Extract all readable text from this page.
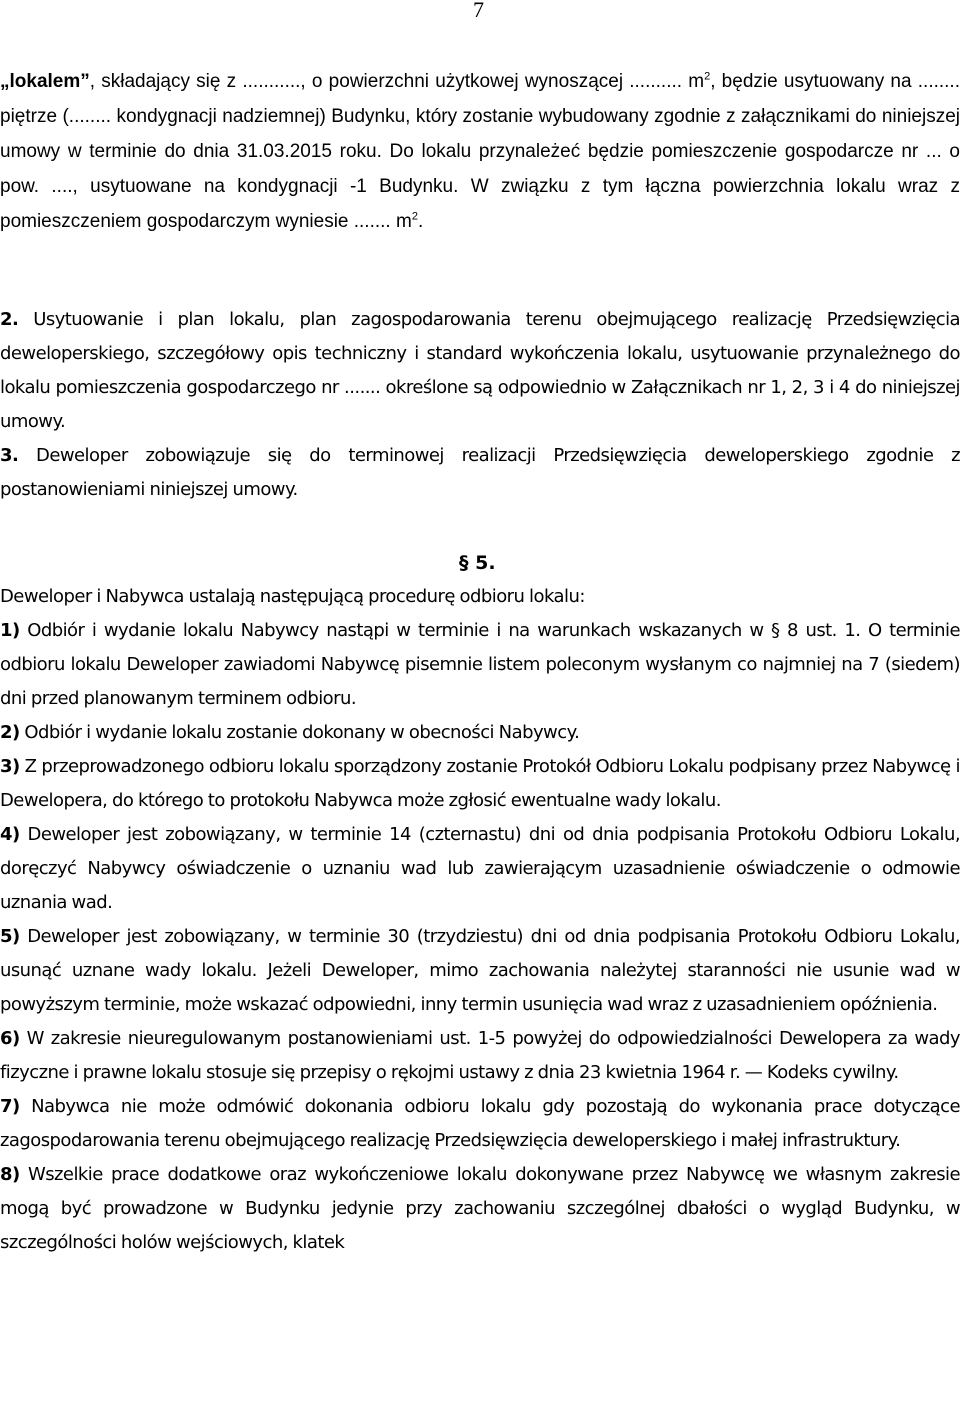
7
„lokalem”, składający się z ..........., o powierzchni użytkowej wynoszącej .......... $m^2$, będzie usytuowany na ........ piętrze (........ kondygnacji nadziemnej) Budynku, który zostanie wybudowany zgodnie z załącznikami do niniejszej umowy w terminie do dnia 31.03.2015 roku. Do lokalu przynależeć będzie pomieszczenie gospodarcze nr ... o pow. ...., usytuowane na kondygnacji -1 Budynku. W związku z tym łączna powierzchnia lokalu wraz z pomieszczeniem gospodarczym wyniesie ....... $m^2$.

2. Usytuowanie i plan lokalu, plan zagospodarowania terenu obejmującego realizację Przedsięwzięcia deweloperskiego, szczegółowy opis techniczny i standard wykończenia lokalu, usytuowanie przynależnego do lokalu pomieszczenia gospodarczego nr ....... określone są odpowiednio w Załącznikach nr 1, 2, 3 i 4 do niniejszej umowy.

3. Deweloper zobowiązuje się do terminowej realizacji Przedsięwzięcia deweloperskiego zgodnie z postanowieniami niniejszej umowy.

§ 5.

Deweloper i Nabywca ustalają następującą procedurę odbioru lokalu:

1) Odbiór i wydanie lokalu Nabywcy nastąpi w terminie i na warunkach wskazanych w § 8 ust. 1. O terminie odbioru lokalu Deweloper zawiadomi Nabywcę pisemnie listem poleconym wysłanym co najmniej na 7 (siedem) dni przed planowanym terminem odbioru.

2) Odbiór i wydanie lokalu zostanie dokonany w obecności Nabywcy.

3) Z przeprowadzonego odbioru lokalu sporządzony zostanie Protokół Odbioru Lokalu podpisany przez Nabywcę i Dewelopera, do którego to protokołu Nabywca może zgłosić ewentualne wady lokalu.

4) Deweloper jest zobowiązany, w terminie 14 (czternastu) dni od dnia podpisania Protokołu Odbioru Lokalu, doręczyć Nabywcy oświadczenie o uznaniu wad lub zawierającym uzasadnienie oświadczenie o odmowie uznania wad.

5) Deweloper jest zobowiązany, w terminie 30 (trzydziestu) dni od dnia podpisania Protokołu Odbioru Lokalu, usunąć uznane wady lokalu. Jeżeli Deweloper, mimo zachowania należytej staranności nie usunie wad w powyższym terminie, może wskazać odpowiedni, inny termin usunięcia wad wraz z uzasadnieniem opóźnienia.

6) W zakresie nieuregulowanym postanowieniami ust. 1-5 powyżej do odpowiedzialności Dewelopera za wady fizyczne i prawne lokalu stosuje się przepisy o rękojmi ustawy z dnia 23 kwietnia 1964 r. — Kodeks cywilny.

7) Nabywca nie może odmówić dokonania odbioru lokalu gdy pozostają do wykonania prace dotyczące zagospodarowania terenu obejmującego realizację Przedsięwzięcia deweloperskiego i małej infrastruktury.

8) Wszelkie prace dodatkowe oraz wykończeniowe lokalu dokonywane przez Nabywcę we własnym zakresie mogą być prowadzone w Budynku jedynie przy zachowaniu szczególnej dbałości o wygląd Budynku, w szczególności holów wejściowych, klatek
